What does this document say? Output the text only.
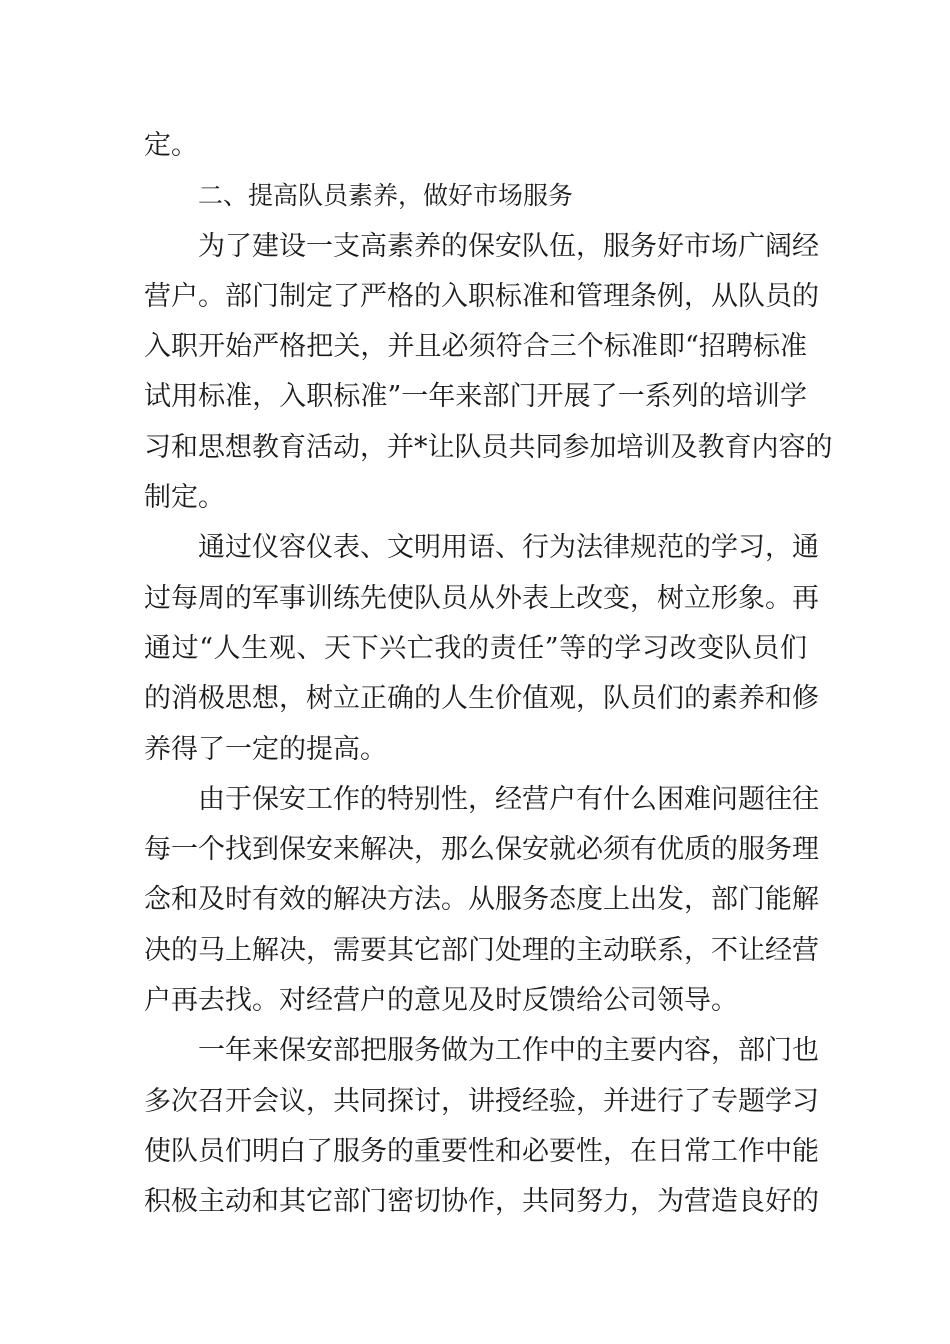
定。
二、提高队员素养，做好市场服务
为了建设一支高素养的保安队伍，服务好市场广阔经
营户。部门制定了严格的入职标准和管理条例，从队员的
入职开始严格把关，并且必须符合三个标准即“招聘标准
试用标准，入职标准”一年来部门开展了一系列的培训学
习和思想教育活动，并*让队员共同参加培训及教育内容的
制定。
通过仪容仪表、文明用语、行为法律规范的学习，通
过每周的军事训练先使队员从外表上改变，树立形象。再
通过“人生观、天下兴亡我的责任”等的学习改变队员们
的消极思想，树立正确的人生价值观，队员们的素养和修
养得了一定的提高。
由于保安工作的特别性，经营户有什么困难问题往往
每一个找到保安来解决，那么保安就必须有优质的服务理
念和及时有效的解决方法。从服务态度上出发，部门能解
决的马上解决，需要其它部门处理的主动联系，不让经营
户再去找。对经营户的意见及时反馈给公司领导。
一年来保安部把服务做为工作中的主要内容，部门也
多次召开会议，共同探讨，讲授经验，并进行了专题学习
使队员们明白了服务的重要性和必要性，在日常工作中能
积极主动和其它部门密切协作，共同努力，为营造良好的
